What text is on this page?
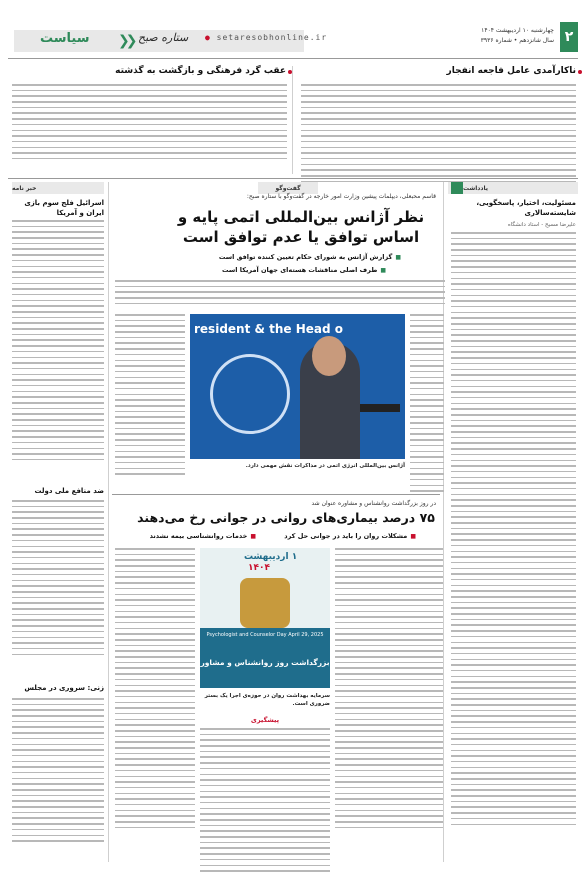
۲
چهارشنبه ۱۰ اردیبهشت ۱۴۰۴
سال شانزدهم • شماره ۳۹۳۶
● setaresobhonline.ir
ستاره صبح
❮❮
سیاست
ناکارآمدی عامل فاجعه انفجار
عقب گرد فرهنگی و بازگشت به گذشته
یادداشت
مسئولیت، اختیار، پاسخگویی، شایسته‌سالاری
علیرضا مسیح - استاد دانشگاه
خبر نامه
اسرائیل فلج سوم بازی ایران و آمریکا
ضد منافع ملی دولت
زنی: سروری در مجلس
گفت‌وگو
قاسم محبعلی، دیپلمات پیشین وزارت امور خارجه در گفت‌وگو با ستاره صبح:
نظر آژانس بین‌المللی اتمی پایه و اساس توافق یا عدم توافق است
■ گزارش آژانس به شورای حکام تعیین کننده توافق است
■ طرف اصلی مناقشات هسته‌ای جهان آمریکا است
resident & the Head o
آژانس بین‌المللی انرژی اتمی در مذاکرات نقش مهمی دارد.
در روز بزرگداشت روانشناس و مشاوره عنوان شد
۷۵ درصد بیماری‌های روانی در جوانی رخ می‌دهند
■ مشکلات روان را باید در جوانی حل کرد
■ خدمات روانشناسی بیمه نشدند
۱ اردیبهشت
۱۴۰۴
Psychologist and Counselor Day April 29, 2025
بزرگداشت روز روانشناس و مشاور
سرمایه بهداشت روان در حوزه‌ی اجرا یک بستر ضروری است.
پیشگیری
